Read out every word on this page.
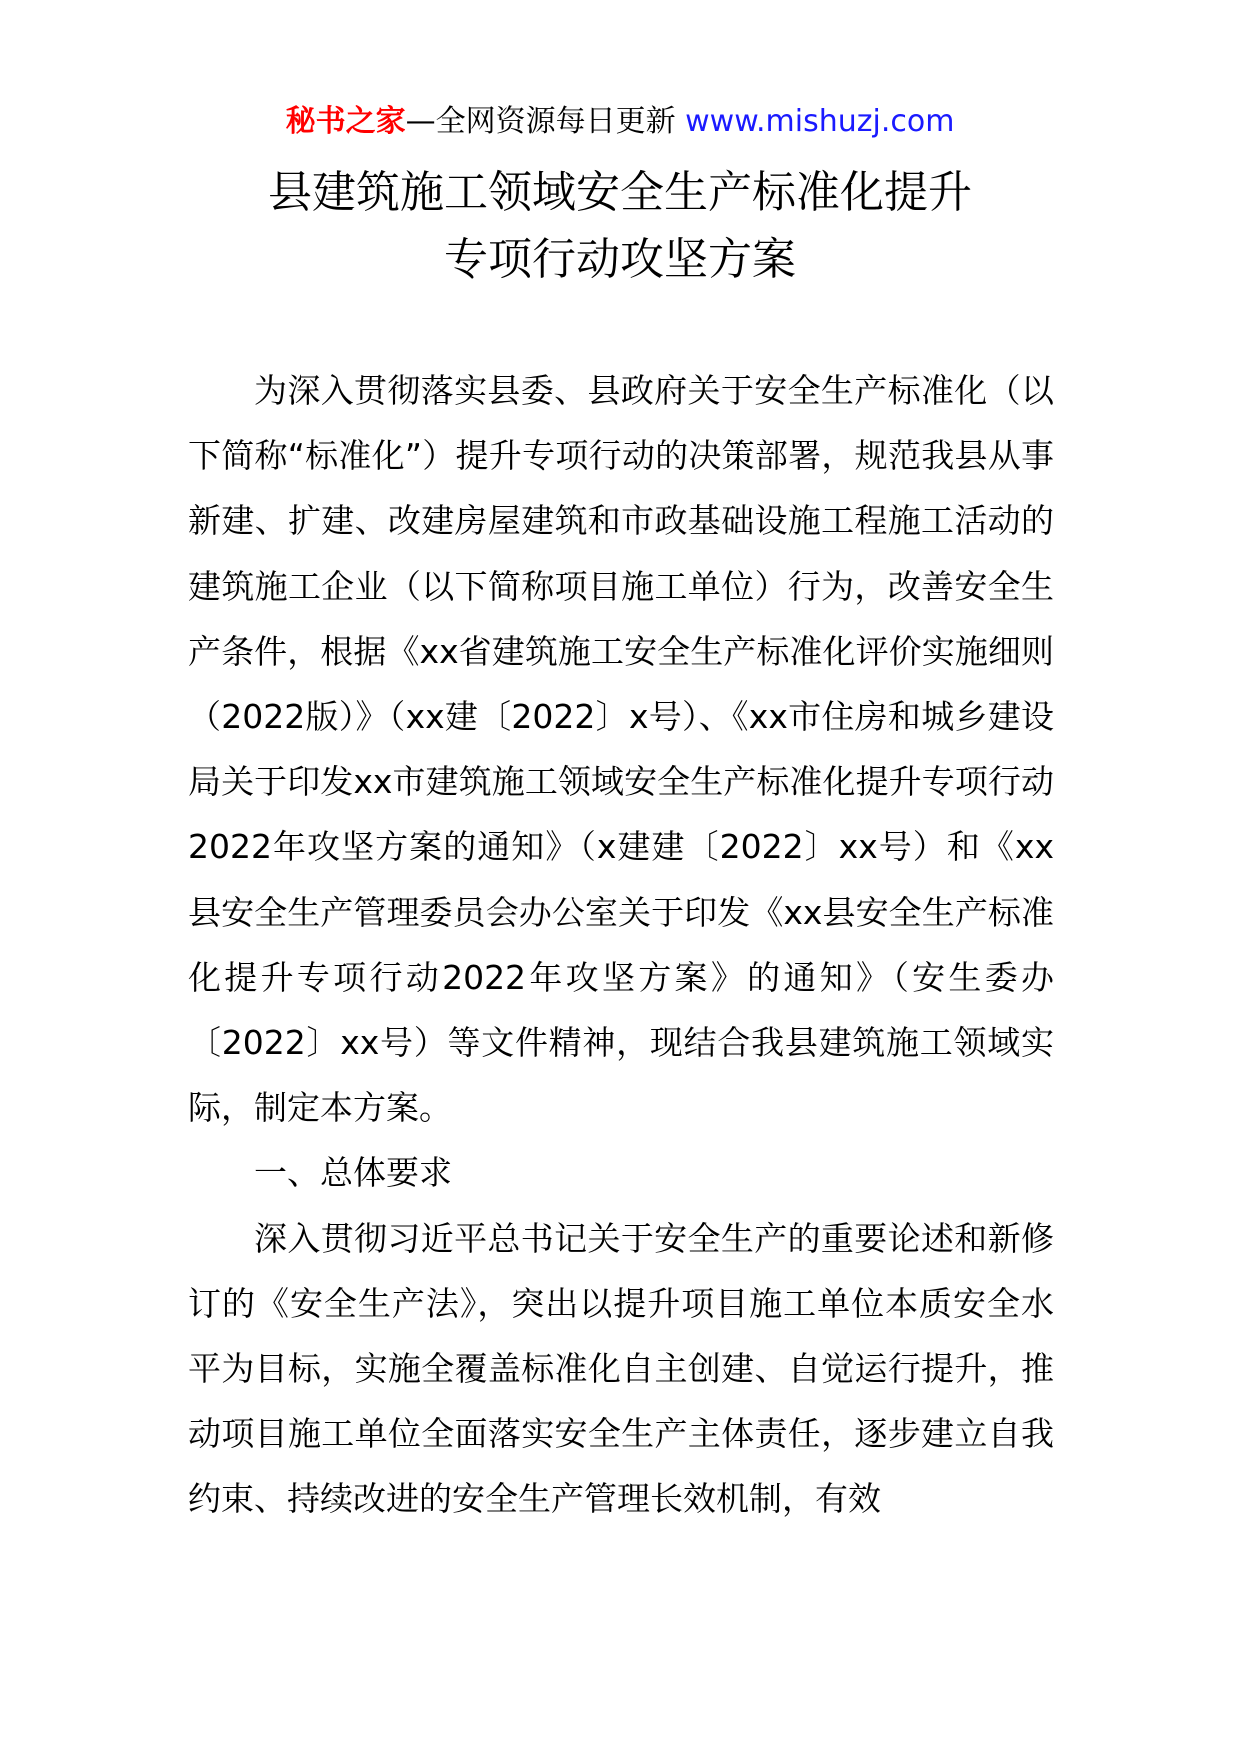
秘书之家—全网资源每日更新 www.mishuzj.com
县建筑施工领域安全生产标准化提升
专项行动攻坚方案

为深入贯彻落实县委、县政府关于安全生产标准化（以下简称“标准化”）提升专项行动的决策部署，规范我县从事新建、扩建、改建房屋建筑和市政基础设施工程施工活动的建筑施工企业（以下简称项目施工单位）行为，改善安全生产条件，根据《xx省建筑施工安全生产标准化评价实施细则（2022版）》（xx建〔2022〕x号）、《xx市住房和城乡建设局关于印发xx市建筑施工领域安全生产标准化提升专项行动2022年攻坚方案的通知》（x建建〔2022〕xx号）和《xx县安全生产管理委员会办公室关于印发《xx县安全生产标准化提升专项行动2022年攻坚方案》的通知》（安生委办〔2022〕xx号）等文件精神，现结合我县建筑施工领域实际，制定本方案。

一、总体要求

深入贯彻习近平总书记关于安全生产的重要论述和新修订的《安全生产法》，突出以提升项目施工单位本质安全水平为目标，实施全覆盖标准化自主创建、自觉运行提升，推动项目施工单位全面落实安全生产主体责任，逐步建立自我约束、持续改进的安全生产管理长效机制，有效
